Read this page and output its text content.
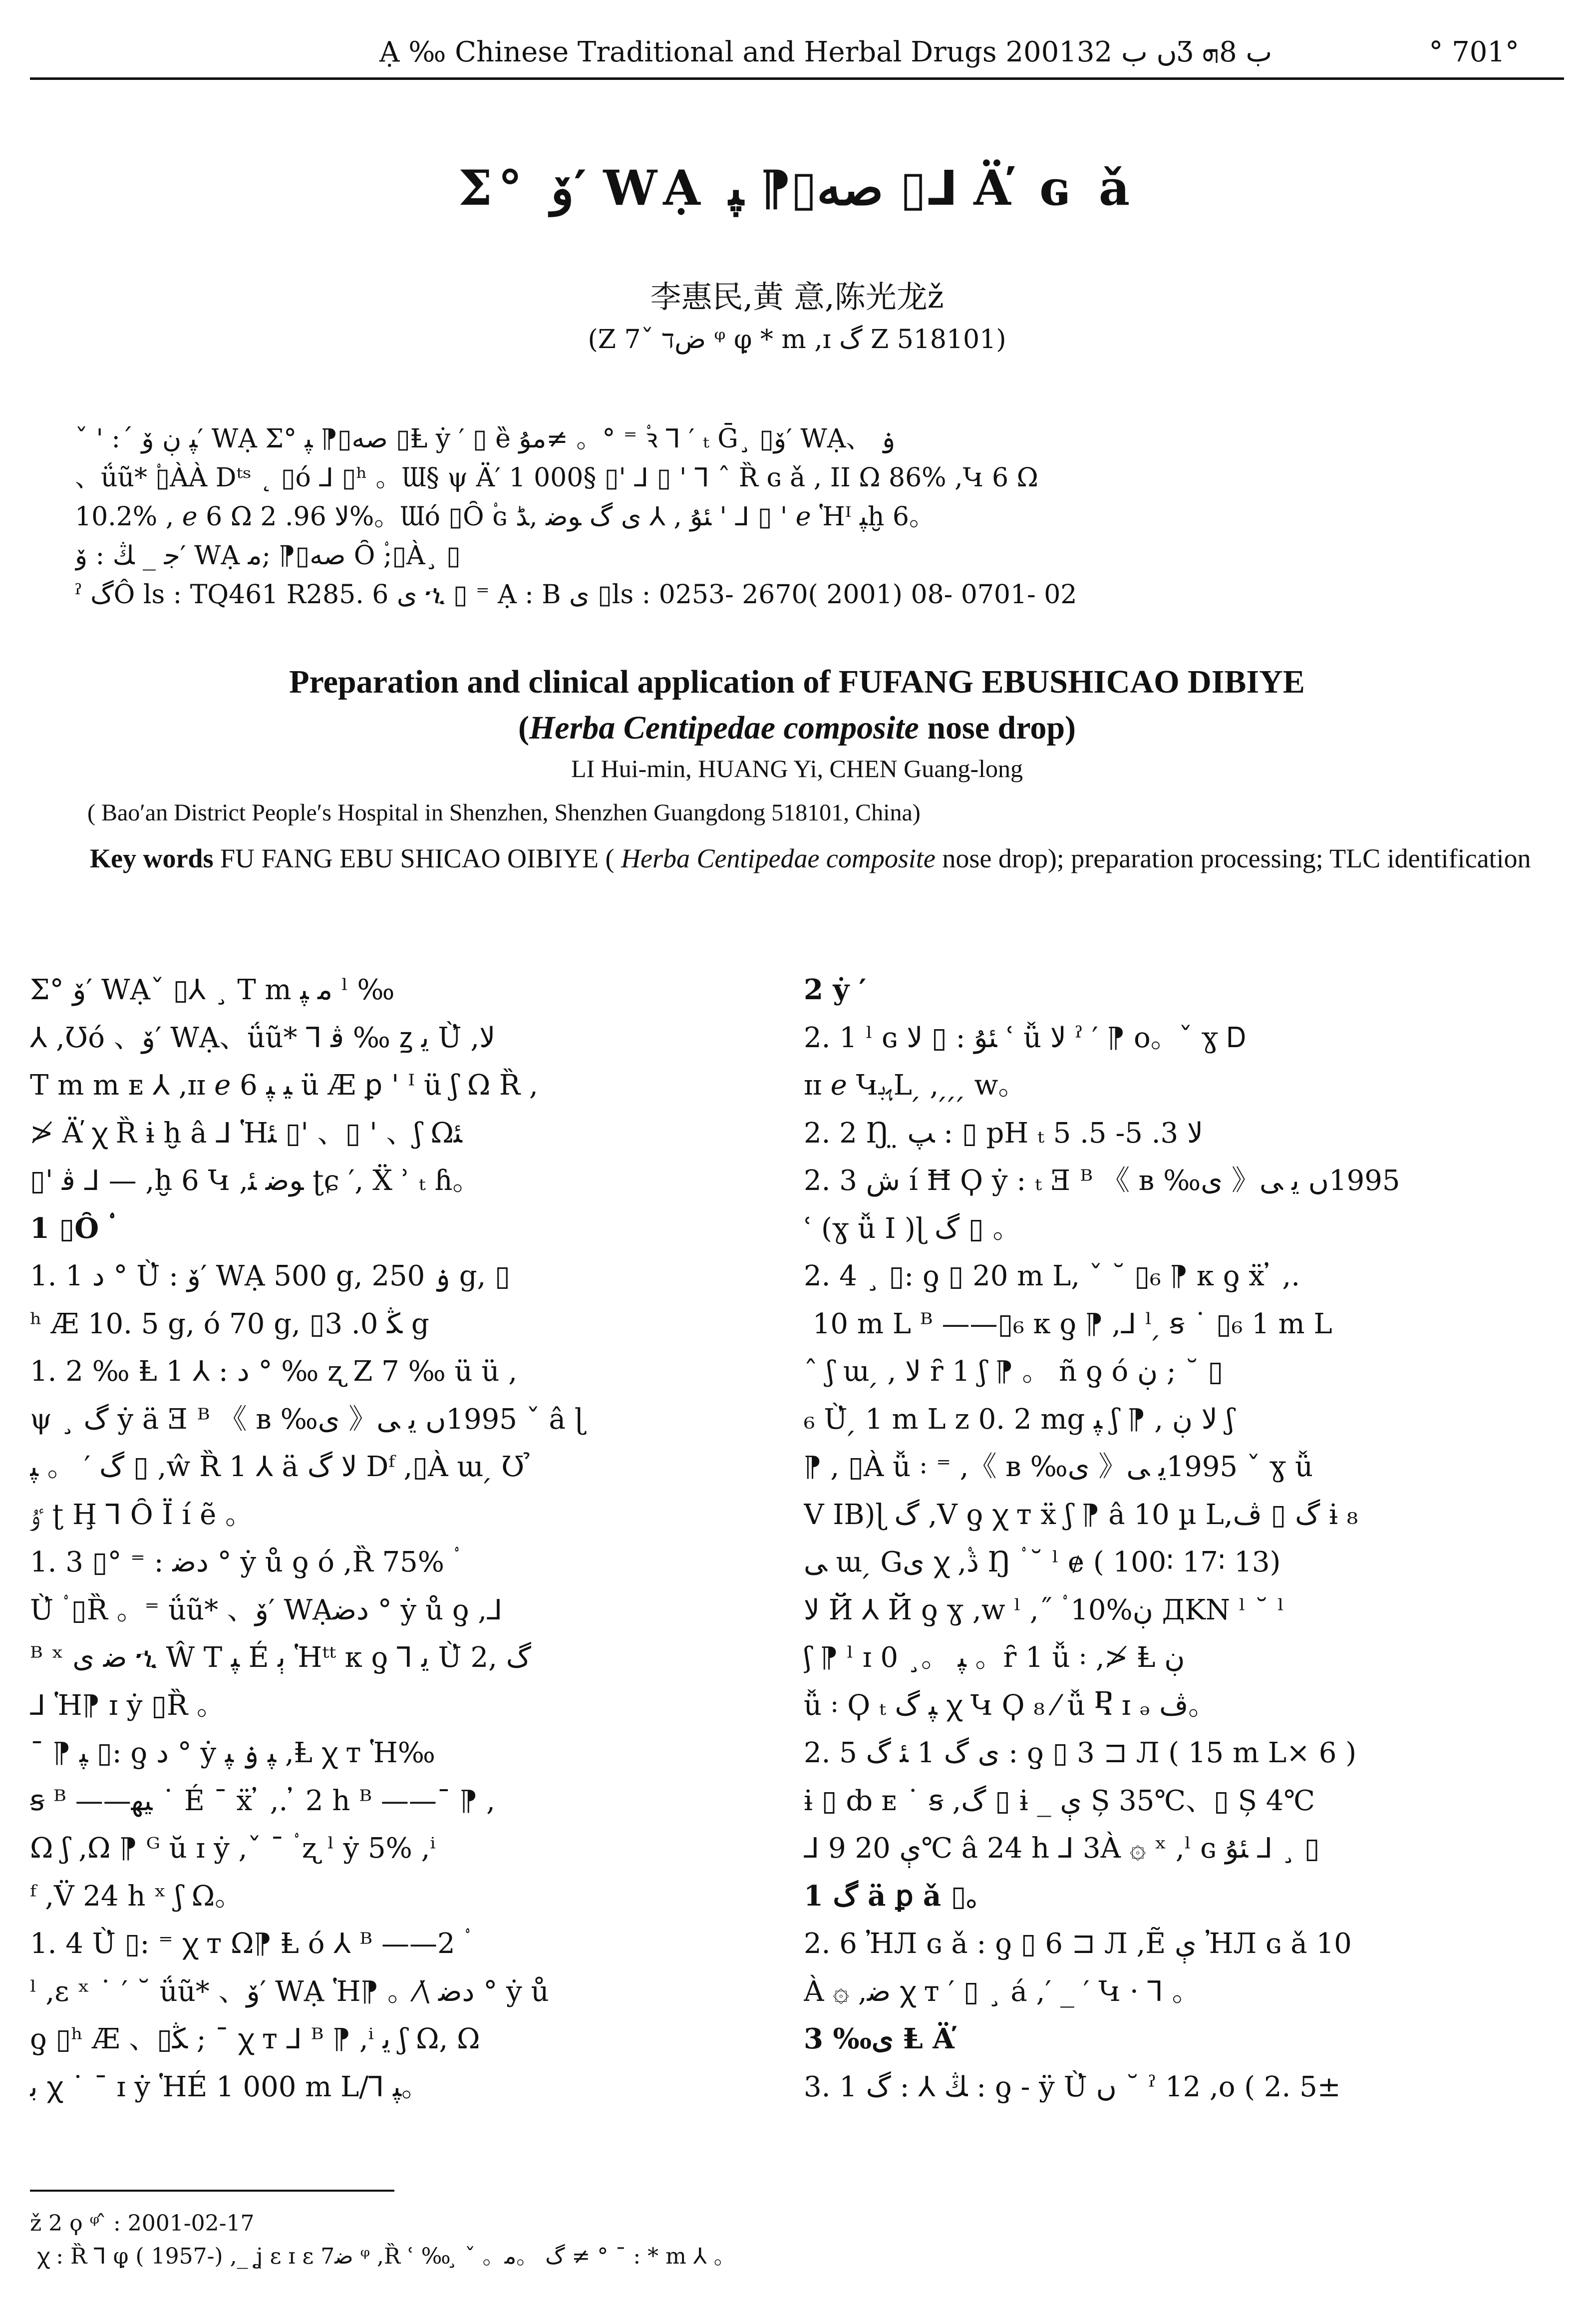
Ạ ‰ Chinese Traditional and Herbal Drugs 2001ں ب 32Ʒ ب 8ܗ	° 701°
Σ° ۆ′ WẠ صه▯⁋ ﭙ ▯⅃ Ä̕ ɢ ǎ
李惠民,黄 意,陈光龙ž
(Z 7ˇ ضד ᵠ φ̣ * m ,ɪ گ Z 518101)

ˇ ' :ˊ ﭙ ڹ ۆ′ WẠ Σ° صه▯⁋ ﭙ ▯Ⱡ ẏ ′ ▯ ȅ ﻣﯘ≠ 。° ⁼ ۟ꝛ ⅂ ′ ₜ Ḡ¸ ▯ۆ′ WẠ、 ۏ

、ǘũ* ۟▯ÀÀ Dᵗˢ ˛ ▯ó ⅃ ▯ʰ 。Ɯ§ ψ Ä′ 1 000§ ▯' ⅃ ▯ ' ⅂ ˆ Ȑ ɢ ǎ , ΙΙ Ω 86% ,Կ 6 Ω

10.2% , ℯ 6 Ω ﻻ 96. 2%。Ɯó ▯Ȏ ۟ɢ ﺌﯘ , ⅄ ﯼ گ ﻮﺿ ,ﮉ ' ⅃ ▯ ' ℯ Ἡᴵ ﭙḫ 6。

ﺟ _ ﯔ : ۆ′ WẠ صه▯⁋ ;ﻣ Ȏ ۟;▯À¸ ▯

ˀ گÔ ls : TQ461 R285. 6 ﯼ ኂ ▯ ⁼ Ạ : B ﯼ ▯ls : 0253- 2670( 2001) 08- 0701- 02

Preparation and clinical application of FUFANG EBUSHICAO DIBIYE
(Herba Centipedae composite nose drop)
LI Hui-min, HUANG Yi, CHEN Guang-long
( Bao′an District People′s Hospital in Shenzhen, Shenzhen Guangdong 518101, China)
Key words FU FANG EBU SHICAO OIBIYE ( Herba Centipedae composite nose drop); preparation processing; TLC identification

Σ° ۆ′ WẠˇ ▯⅄ ¸ T m ﻣ ﭙ ˡ ‰

⅄ ,Ʊó 、ۆ′ WẠ、ǘũ* ⅂ ﭬ ‰ ꙁ ﻳ Ù̓ ,ﻻ

T m m ᴇ ⅄ ,ɪɪ ℯ 6 ﯿ ﭙ ü Æ ꝑ ' ᴵ ü ʃ Ω Ȑ ,

≯ Ä̕ ꭓ Ȑ ɨ ḫ â ⅃ Ἡﺌ ▯' 、▯ ' 、ʃ Ωﺌ

▯' ﭬ ⅃ — ,ḫ 6 Կ ,ﻮﺿ ﺌ ʈɕ ′, Ẍ ʾ ₜ ɦ。

1 ▯Ȏ ۟

1. 1 ﺩ ° Ù̓ : ۆ′ WẠ 500 g, ۏ 250 g, ▯

ʰ Æ 10. 5 g, ó 70 g, ▯ﯖ 0. 3 g

1. 2 ‰ Ⱡ 1 ⅄ : ﺩ ° ‰ ʐ Z 7 ‰ ü ü ,

ψ ¸ گ ẏ ä Ǝ ᴮ 《 ʙ ‰ﻯ 》1995ں ﻳ ﯽ ˇ â ɭ

گ ′ 。 ﭙ ▯ ,ŵ Ȑ 1 ⅄ ä ﻻ گ Dᶠ ,▯À ɯ ̗ Ʊ ̉

ﯝ ʈ Ḩ ⅂ Ȏ Ï í ẽ 。

1. 3 ▯° ⁼ : ﺩﺿ ° ẏ ů ƍ ó ,Ȑ 75% ۟

Ù̓ ۟ ▯Ȑ 。⁼ ǘũ* 、ۆ′ WẠﺩﺿ ° ẏ ů ƍ ,⅃

ᴮ ˣ ﺿ ﯼ ኂ Ŵ T ﭙ É ﭔ Ἡᵗᵗ ᴋ ƍ ⅂ ﻳ Ù̓ گ ,2

⅃ Ἡ⁋ ɪ ẏ ▯Ȑ 。

¯ ⁋ ﭙ ▯: ƍ ﺩ ° ẏ ﭙ ۏ ﭙ ,Ⱡ ꭓ ᴛ Ἡ‰

ꞩ ᴮ ——ﯿﮭ ˙ É ¯ ẍ ̓ ,. ̓ 2 h ᴮ ——¯ ⁋ ,

Ω ʃ ,Ω ⁋ ᴳ ŭ ɪ ẏ ,ˇ ¯ ۟ ʐ ˡ ẏ 5% ,ⁱ

ᶠ ,V̈ 24 h ˣ ʃ Ω。

1. 4 Ù̓ ▯: ⁼ ꭓ ᴛ Ω⁋ Ⱡ ó ⅄ ᴮ ——2 ۟

ˡ ,ɛ ˣ ˙ ′ ˘ ǘũ* 、ۆ′ WẠ Ἡ⁋ 。⁄\ ﺩﺿ ° ẏ ů

ƍ ▯ʰ Æ 、▯ﯖ ; ¯ ꭓ ᴛ ⅃ ᴮ ⁋ ,ⁱ ﻳ ʃ Ω, Ω

ﺑ ꭓ ˙ ¯ ɪ ẏ ἩÉ 1 000 m L/⅂ ﭙ。

2 ẏ ′

2. 1 ˡ ɢ ﺌﯘ : ▯ ﻻ ʿ ǚ ﻻ ˀ ′ ⁋ o。ˇ ɣ Ꭰ

ɪɪ ℯ ԿﮨﺑL ̗ , ̗ ̗ ̗ w。

2. 2 Ŋ ̤ ﭗ : ▯ pH ₜ ﻻ 3. 5- 5. 5

2. 3 ﺵ í Ħ Ϙ ẏ : ₜ Ǝ ᴮ 《 ʙ ‰ﻯ 》1995ں ﻳ ﯽ

ʿ (ɣ ǚ Ι )ɭ گ ▯ 。

2. 4 ¸ ▯: ƍ ▯ 20 m L, ˇ ˘ ▯₆ ⁋ ᴋ ƍ ẍ ̓ ,.

̓ 10 m L ᴮ ——▯₆ ᴋ ƍ ⁋ ,⅃ ˡ ̗ ꞩ ˙ ▯₆ 1 m L

ˆ ʃ ɯ ̗ , ﻻ ȓ 1 ʃ ⁋ 。 ñ ƍ ó ڹ ; ˘ ▯

₆ Ù̓ ̗ 1 m L z 0. 2 mg ﭙ ʃ ⁋ , ﻻ ڹ ʃ

⁋ , ▯À ǚ ꞉ ⁼ ,《 ʙ ‰ﻯ 》1995ﻳ ﯽ ˇ ɣ ǚ

V IB)ɭ گ ,V ƍ ꭓ ᴛ ẍ ʃ ⁋ â 10 µ L,گ ▯ ڤ ɨ ₈

ﯽ ɯ ̗ Gﯼ ꭓ ,۟ڎ Ŋ ۟ ˘ ˡ ɇ ( 100∶ 17∶ 13)

ﻻ Й ⅄ Й ƍ ɣ ,w ˡ ,˝ ۟ 10%ڹ ДKN ˡ ˘ ˡ

ʃ ⁋ ˡ ɪ ﭙ 。¸ 0 。ȓ 1 ǚ ꞉ ,≯ Ⱡ ڹ

ǚ ꞉ Ϙ ₜ ﭙ گ ꭓ Կ Ϙ ₈ ⁄ ǚ Ⴒ ɪ ₔ ڤ。

2. 5 ﯼ گ 1 ﺌ گ : ƍ ▯ 3 ⊐ Л ( 15 m L× 6 )

ɨ ▯ ȸ ᴇ ˙ ꞩ ,گ ▯ ɨ _ ﯤ Ș 35℃、▯ Ș 4℃

⅃ 9 ﯤ 20℃ â 24 h ⅃ 3À ۞ ˣ ,ˡ ɢ ﺌﯘ ⅃ ¸ ▯

1 گ ä ꝑ ǎ ▯。

2. 6 ἨЛ ɢ ǎ : ƍ ▯ 6 ⊐ Л ,Ẽ ﯤ ἨЛ ɢ ǎ 10

À ۞ ,ﺿ ꭓ ᴛ ′ ▯ ¸ á ,′ _ ′ Կ · ⅂ 。

3 ‰ﻯ Ⱡ Ä̕

3. 1 ﯔ ⅄ : گ : ƍ - ÿ Ù̓ ں ˘ ˀ 12 ,o ( 2. 5±

ž 2 ϙ ᵠ ̂ : 2001-02-17

̗ ꭓ : Ȑ ⅂ φ̣ ( 1957-) ,_ ʝ ɛ ɪ ɛ ﺿ7 ᵠ ,Ȑ ʿ ‰ ̧ ˇ 。گ 。ﻣ ≠ ° ¯ : * m ⅄ 。
